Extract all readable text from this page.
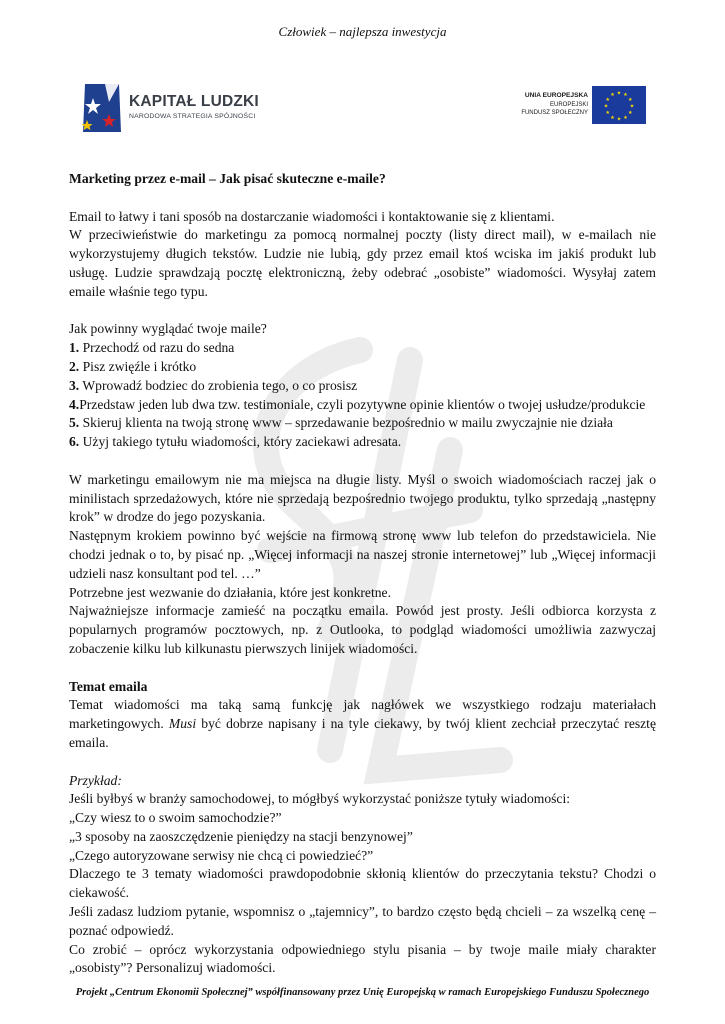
Człowiek – najlepsza inwestycja
KAPITAŁ LUDZKI
NARODOWA STRATEGIA SPÓJNOŚCI
UNIA EUROPEJSKA
EUROPEJSKI
FUNDUSZ SPOŁECZNY
★ ★
★
★
★
★
★
★
★
★
★
★

Marketing przez e-mail – Jak pisać skuteczne e-maile?

Email to łatwy i tani sposób na dostarczanie wiadomości i kontaktowanie się z klientami.

W przeciwieństwie do marketingu za pomocą normalnej poczty (listy direct mail), w e-mailach nie wykorzystujemy długich tekstów. Ludzie nie lubią, gdy przez email ktoś wciska im jakiś produkt lub usługę. Ludzie sprawdzają pocztę elektroniczną, żeby odebrać „osobiste” wiadomości. Wysyłaj zatem emaile właśnie tego typu.

Jak powinny wyglądać twoje maile?

1. Przechodź od razu do sedna

2. Pisz zwięźle i krótko

3. Wprowadź bodziec do zrobienia tego, o co prosisz

4.Przedstaw jeden lub dwa tzw. testimoniale, czyli pozytywne opinie klientów o twojej usłudze/produkcie

5. Skieruj klienta na twoją stronę www – sprzedawanie bezpośrednio w mailu zwyczajnie nie działa

6. Użyj takiego tytułu wiadomości, który zaciekawi adresata.

W marketingu emailowym nie ma miejsca na długie listy. Myśl o swoich wiadomościach raczej jak o minilistach sprzedażowych, które nie sprzedają bezpośrednio twojego produktu, tylko sprzedają „następny krok” w drodze do jego pozyskania.

Następnym krokiem powinno być wejście na firmową stronę www lub telefon do przedstawiciela. Nie chodzi jednak o to, by pisać np. „Więcej informacji na naszej stronie internetowej” lub „Więcej informacji udzieli nasz konsultant pod tel. …”

Potrzebne jest wezwanie do działania, które jest konkretne.

Najważniejsze informacje zamieść na początku emaila. Powód jest prosty. Jeśli odbiorca korzysta z popularnych programów pocztowych, np. z Outlooka, to podgląd wiadomości umożliwia zazwyczaj zobaczenie kilku lub kilkunastu pierwszych linijek wiadomości.

Temat emaila

Temat wiadomości ma taką samą funkcję jak nagłówek we wszystkiego rodzaju materiałach marketingowych. Musi być dobrze napisany i na tyle ciekawy, by twój klient zechciał przeczytać resztę emaila.

Przykład:

Jeśli byłbyś w branży samochodowej, to mógłbyś wykorzystać poniższe tytuły wiadomości:

„Czy wiesz to o swoim samochodzie?”

„3 sposoby na zaoszczędzenie pieniędzy na stacji benzynowej”

„Czego autoryzowane serwisy nie chcą ci powiedzieć?”

Dlaczego te 3 tematy wiadomości prawdopodobnie skłonią klientów do przeczytania tekstu? Chodzi o ciekawość.

Jeśli zadasz ludziom pytanie, wspomnisz o „tajemnicy”, to bardzo często będą chcieli – za wszelką cenę – poznać odpowiedź.

Co zrobić – oprócz wykorzystania odpowiedniego stylu pisania – by twoje maile miały charakter „osobisty”? Personalizuj wiadomości.

Projekt „Centrum Ekonomii Społecznej” współfinansowany przez Unię Europejską w ramach Europejskiego Funduszu Społecznego
